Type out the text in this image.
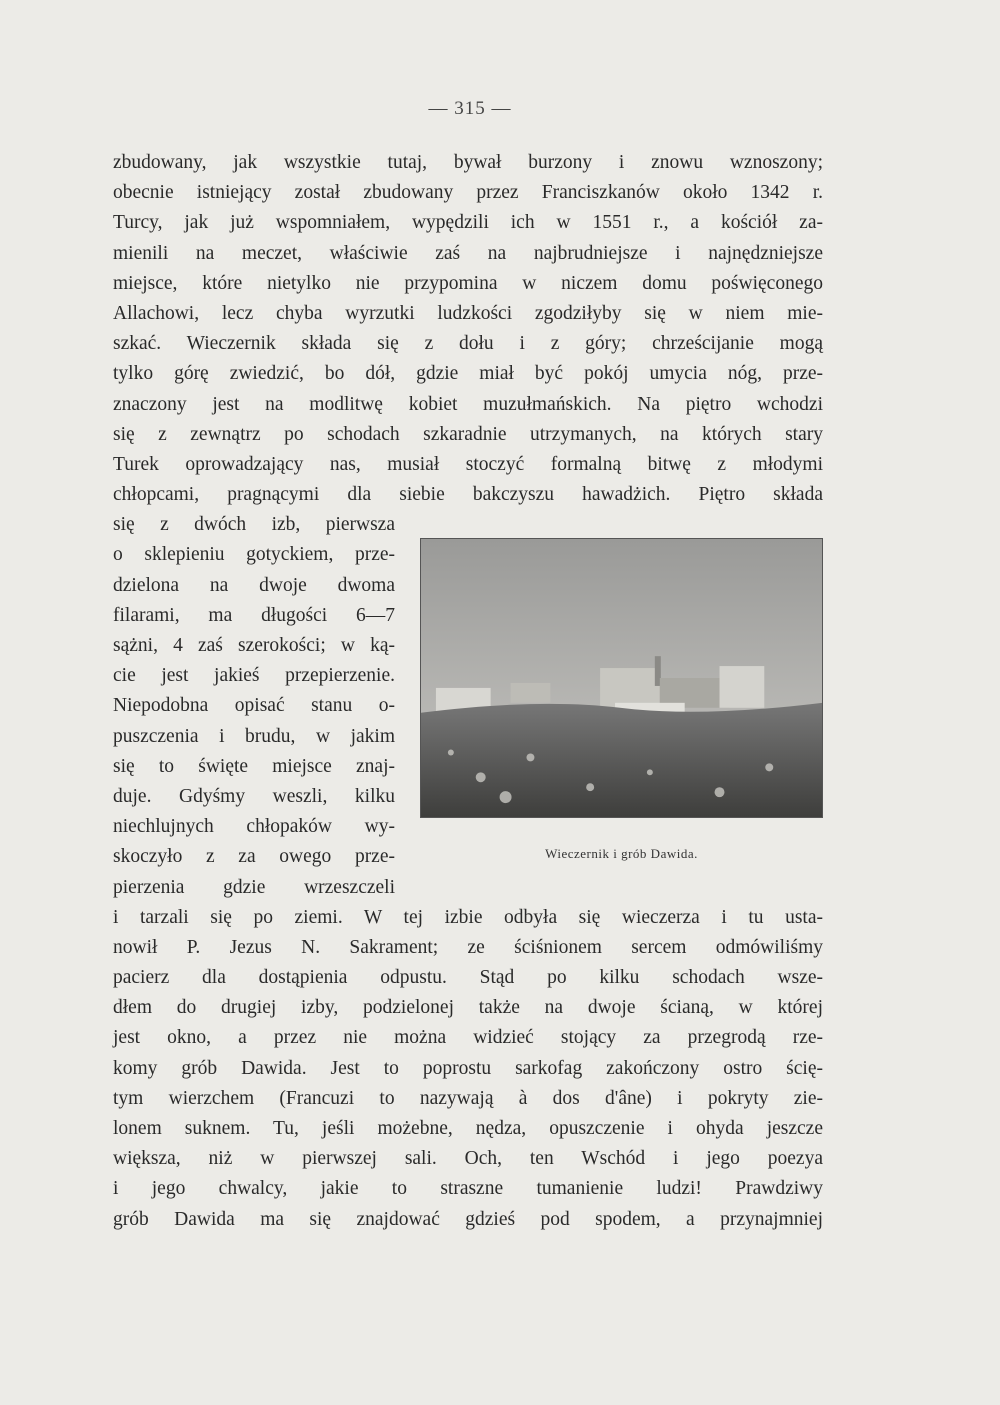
— 315 —
zbudowany, jak wszystkie tutaj, bywał burzony i znowu wznoszony;
obecnie istniejący został zbudowany przez Franciszkanów około 1342 r.
Turcy, jak już wspomniałem, wypędzili ich w 1551 r., a kościół za-
mienili na meczet, właściwie zaś na najbrudniejsze i najnędzniejsze
miejsce, które nietylko nie przypomina w niczem domu poświęconego
Allachowi, lecz chyba wyrzutki ludzkości zgodziłyby się w niem mie-
szkać. Wieczernik składa się z dołu i z góry; chrześcijanie mogą
tylko górę zwiedzić, bo dół, gdzie miał być pokój umycia nóg, prze-
znaczony jest na modlitwę kobiet muzułmańskich. Na piętro wchodzi
się z zewnątrz po schodach szkaradnie utrzymanych, na których stary
Turek oprowadzający nas, musiał stoczyć formalną bitwę z młodymi
chłopcami, pragnącymi dla siebie bakczyszu hawadżich. Piętro składa
się z dwóch izb, pierwsza
o sklepieniu gotyckiem, prze-
dzielona na dwoje dwoma
filarami, ma długości 6—7
sążni, 4 zaś szerokości; w ką-
cie jest jakieś przepierzenie.
Niepodobna opisać stanu o-
puszczenia i brudu, w jakim
się to święte miejsce znaj-
duje. Gdyśmy weszli, kilku
niechlujnych chłopaków wy-
skoczyło z za owego prze-
pierzenia gdzie wrzeszczeli
i tarzali się po ziemi. W tej izbie odbyła się wieczerza i tu usta-
nowił P. Jezus N. Sakrament; ze ściśnionem sercem odmówiliśmy
pacierz dla dostąpienia odpustu. Stąd po kilku schodach wsze-
dłem do drugiej izby, podzielonej także na dwoje ścianą, w której
jest okno, a przez nie można widzieć stojący za przegrodą rze-
komy grób Dawida. Jest to poprostu sarkofag zakończony ostro ścię-
tym wierzchem (Francuzi to nazywają à dos d'âne) i pokryty zie-
lonem suknem. Tu, jeśli możebne, nędza, opuszczenie i ohyda jeszcze
większa, niż w pierwszej sali. Och, ten Wschód i jego poezya
i jego chwalcy, jakie to straszne tumanienie ludzi! Prawdziwy
grób Dawida ma się znajdować gdzieś pod spodem, a przynajmniej
Wieczernik i grób Dawida.
